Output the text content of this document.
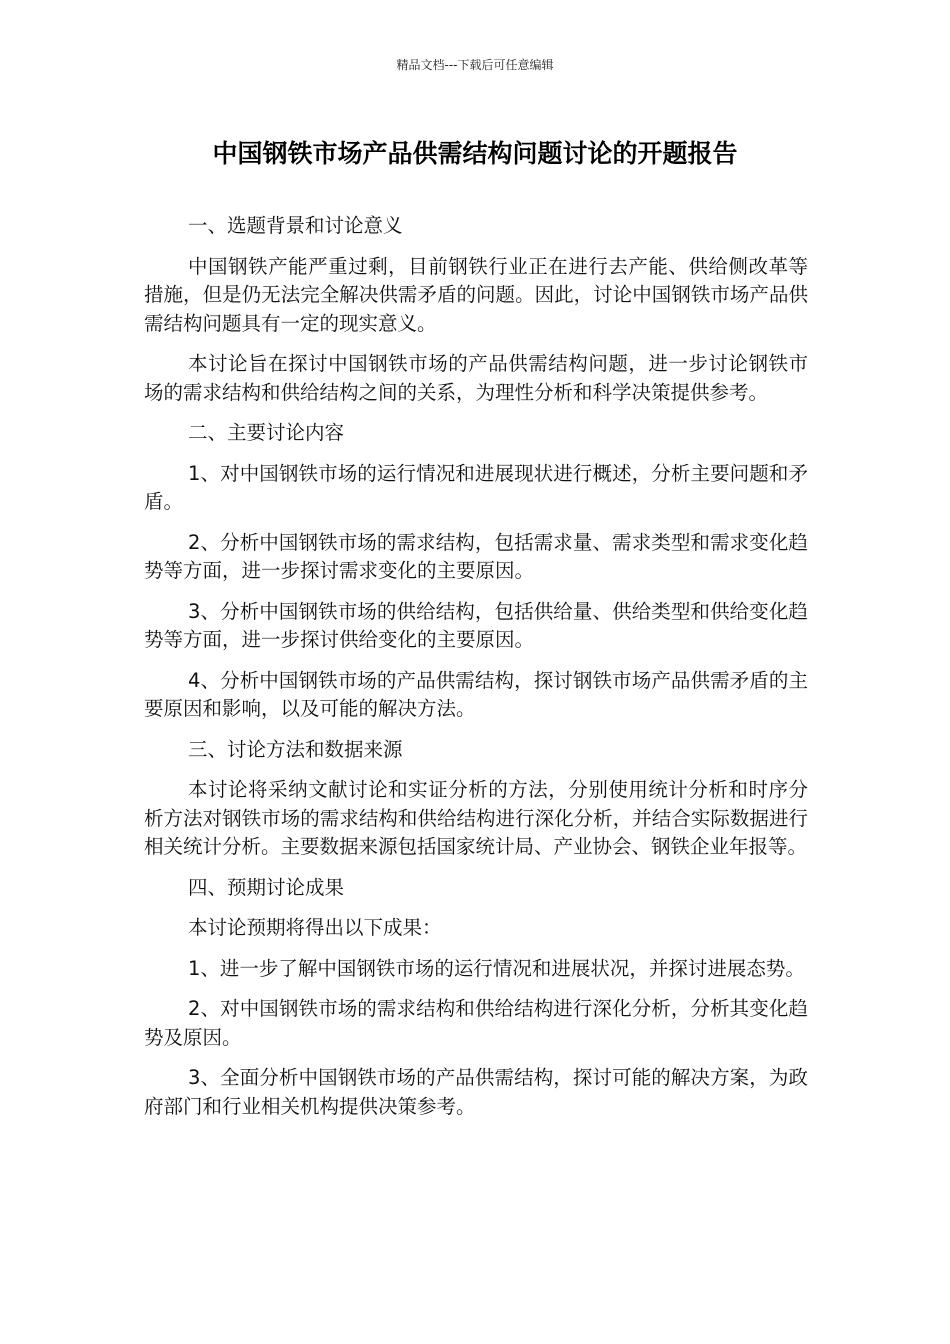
精品文档---下载后可任意编辑
中国钢铁市场产品供需结构问题讨论的开题报告

一、选题背景和讨论意义

中国钢铁产能严重过剩，目前钢铁行业正在进行去产能、供给侧改革等措施，但是仍无法完全解决供需矛盾的问题。因此，讨论中国钢铁市场产品供需结构问题具有一定的现实意义。

本讨论旨在探讨中国钢铁市场的产品供需结构问题，进一步讨论钢铁市场的需求结构和供给结构之间的关系，为理性分析和科学决策提供参考。

二、主要讨论内容

1、对中国钢铁市场的运行情况和进展现状进行概述，分析主要问题和矛盾。

2、分析中国钢铁市场的需求结构，包括需求量、需求类型和需求变化趋势等方面，进一步探讨需求变化的主要原因。

3、分析中国钢铁市场的供给结构，包括供给量、供给类型和供给变化趋势等方面，进一步探讨供给变化的主要原因。

4、分析中国钢铁市场的产品供需结构，探讨钢铁市场产品供需矛盾的主要原因和影响，以及可能的解决方法。

三、讨论方法和数据来源

本讨论将采纳文献讨论和实证分析的方法，分别使用统计分析和时序分析方法对钢铁市场的需求结构和供给结构进行深化分析，并结合实际数据进行相关统计分析。主要数据来源包括国家统计局、产业协会、钢铁企业年报等。

四、预期讨论成果

本讨论预期将得出以下成果：

1、进一步了解中国钢铁市场的运行情况和进展状况，并探讨进展态势。

2、对中国钢铁市场的需求结构和供给结构进行深化分析，分析其变化趋势及原因。

3、全面分析中国钢铁市场的产品供需结构，探讨可能的解决方案，为政府部门和行业相关机构提供决策参考。
